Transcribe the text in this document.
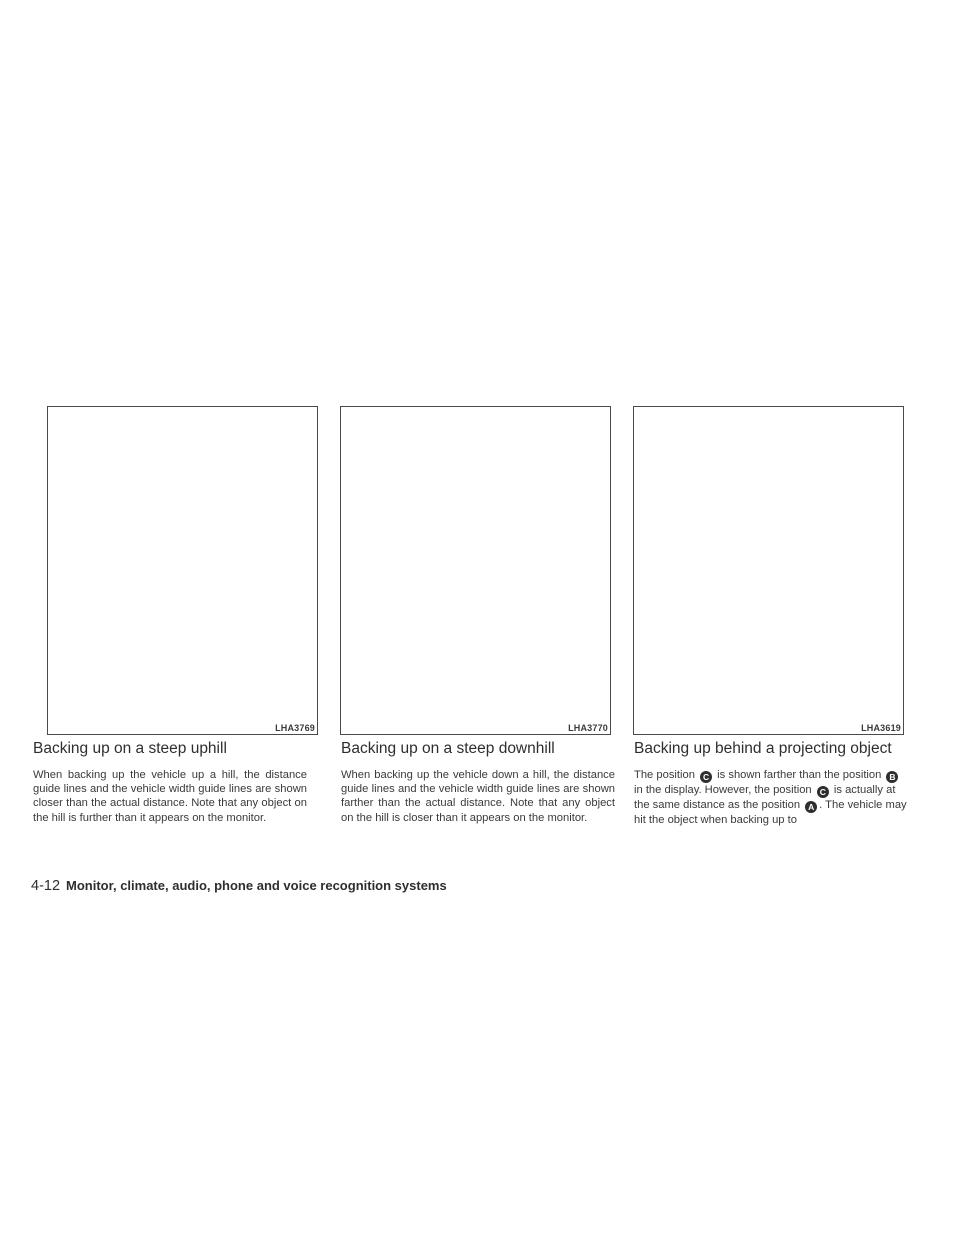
LHA3769	LHA3770	LHA3619
Backing up on a steep uphill

When backing up the vehicle up a hill, the distance guide lines and the vehicle width guide lines are shown closer than the actual distance. Note that any object on the hill is further than it appears on the monitor.

Backing up on a steep downhill

When backing up the vehicle down a hill, the distance guide lines and the vehicle width guide lines are shown farther than the actual distance. Note that any object on the hill is closer than it appears on the monitor.

Backing up behind a projecting object

The position C is shown farther than the position B in the display. However, the position C is actually at the same distance as the position A . The vehicle may hit the object when backing up to

4-12 Monitor, climate, audio, phone and voice recognition systems
